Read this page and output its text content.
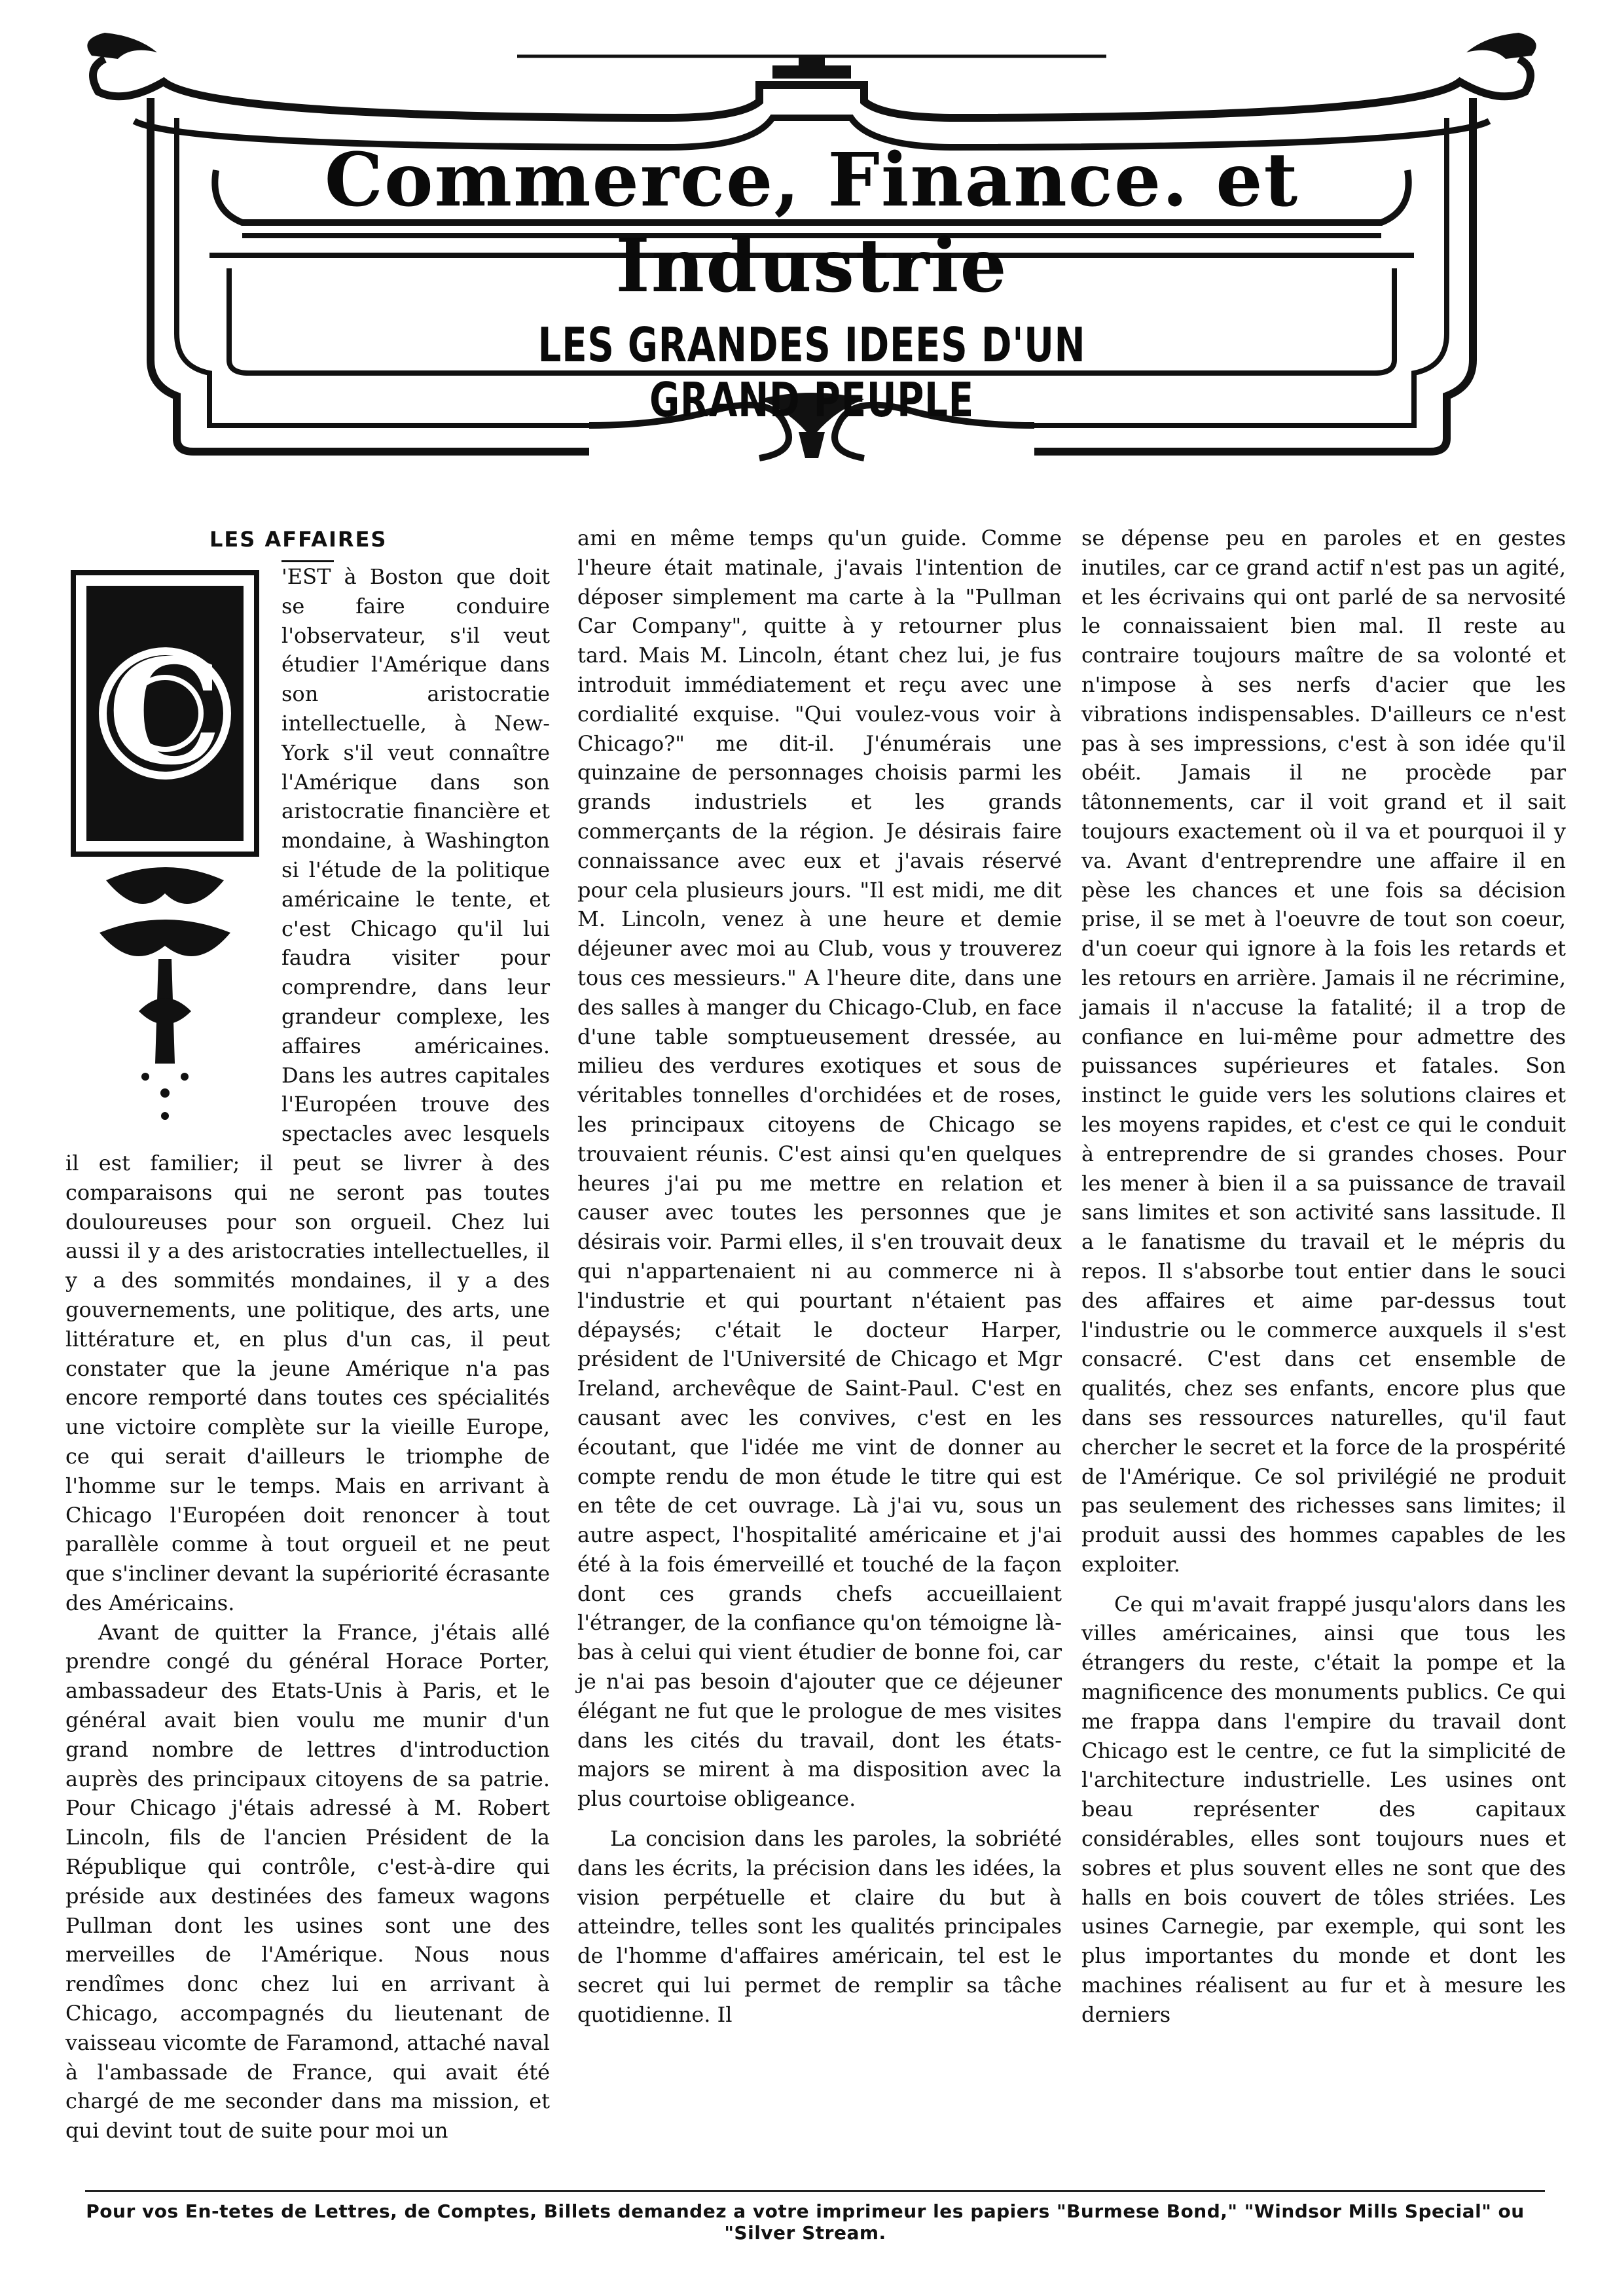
Commerce, Finance. et Industrie
LES GRANDES IDEES D'UN GRAND PEUPLE
LES AFFAIRES
C

'EST à Boston que doit se faire conduire l'observateur, s'il veut étudier l'Amérique dans son aristocratie intellectuelle, à New-York s'il veut connaître l'Amérique dans son aristocratie financière et mondaine, à Washington si l'étude de la politique américaine le tente, et c'est Chicago qu'il lui faudra visiter pour comprendre, dans leur grandeur complexe, les affaires américaines. Dans les autres capitales l'Européen trouve des spectacles avec lesquels il est familier; il peut se livrer à des comparaisons qui ne seront pas toutes douloureuses pour son orgueil. Chez lui aussi il y a des aristocraties intellectuelles, il y a des sommités mondaines, il y a des gouvernements, une politique, des arts, une littérature et, en plus d'un cas, il peut constater que la jeune Amérique n'a pas encore remporté dans toutes ces spécialités une victoire complète sur la vieille Europe, ce qui serait d'ailleurs le triomphe de l'homme sur le temps. Mais en arrivant à Chicago l'Européen doit renoncer à tout parallèle comme à tout orgueil et ne peut que s'incliner devant la supériorité écrasante des Américains.

Avant de quitter la France, j'étais allé prendre congé du général Horace Porter, ambassadeur des Etats-Unis à Paris, et le général avait bien voulu me munir d'un grand nombre de lettres d'introduction auprès des principaux citoyens de sa patrie. Pour Chicago j'étais adressé à M. Robert Lincoln, fils de l'ancien Président de la République qui contrôle, c'est-à-dire qui préside aux destinées des fameux wagons Pullman dont les usines sont une des merveilles de l'Amérique. Nous nous rendîmes donc chez lui en arrivant à Chicago, accompagnés du lieutenant de vaisseau vicomte de Faramond, attaché naval à l'ambassade de France, qui avait été chargé de me seconder dans ma mission, et qui devint tout de suite pour moi un

ami en même temps qu'un guide. Comme l'heure était matinale, j'avais l'intention de déposer simplement ma carte à la "Pullman Car Company", quitte à y retourner plus tard. Mais M. Lincoln, étant chez lui, je fus introduit immédiatement et reçu avec une cordialité exquise. "Qui voulez-vous voir à Chicago?" me dit-il. J'énumérais une quinzaine de personnages choisis parmi les grands industriels et les grands commerçants de la région. Je désirais faire connaissance avec eux et j'avais réservé pour cela plusieurs jours. "Il est midi, me dit M. Lincoln, venez à une heure et demie déjeuner avec moi au Club, vous y trouverez tous ces messieurs." A l'heure dite, dans une des salles à manger du Chicago-Club, en face d'une table somptueusement dressée, au milieu des verdures exotiques et sous de véritables tonnelles d'orchidées et de roses, les principaux citoyens de Chicago se trouvaient réunis. C'est ainsi qu'en quelques heures j'ai pu me mettre en relation et causer avec toutes les personnes que je désirais voir. Parmi elles, il s'en trouvait deux qui n'appartenaient ni au commerce ni à l'industrie et qui pourtant n'étaient pas dépaysés; c'était le docteur Harper, président de l'Université de Chicago et Mgr Ireland, archevêque de Saint-Paul. C'est en causant avec les convives, c'est en les écoutant, que l'idée me vint de donner au compte rendu de mon étude le titre qui est en tête de cet ouvrage. Là j'ai vu, sous un autre aspect, l'hospitalité américaine et j'ai été à la fois émerveillé et touché de la façon dont ces grands chefs accueillaient l'étranger, de la confiance qu'on témoigne là-bas à celui qui vient étudier de bonne foi, car je n'ai pas besoin d'ajouter que ce déjeuner élégant ne fut que le prologue de mes visites dans les cités du travail, dont les états-majors se mirent à ma disposition avec la plus courtoise obligeance.

La concision dans les paroles, la sobriété dans les écrits, la précision dans les idées, la vision perpétuelle et claire du but à atteindre, telles sont les qualités principales de l'homme d'affaires américain, tel est le secret qui lui permet de remplir sa tâche quotidienne. Il

se dépense peu en paroles et en gestes inutiles, car ce grand actif n'est pas un agité, et les écrivains qui ont parlé de sa nervosité le connaissaient bien mal. Il reste au contraire toujours maître de sa volonté et n'impose à ses nerfs d'acier que les vibrations indispensables. D'ailleurs ce n'est pas à ses impressions, c'est à son idée qu'il obéit. Jamais il ne procède par tâtonnements, car il voit grand et il sait toujours exactement où il va et pourquoi il y va. Avant d'entreprendre une affaire il en pèse les chances et une fois sa décision prise, il se met à l'oeuvre de tout son coeur, d'un coeur qui ignore à la fois les retards et les retours en arrière. Jamais il ne récrimine, jamais il n'accuse la fatalité; il a trop de confiance en lui-même pour admettre des puissances supérieures et fatales. Son instinct le guide vers les solutions claires et les moyens rapides, et c'est ce qui le conduit à entreprendre de si grandes choses. Pour les mener à bien il a sa puissance de travail sans limites et son activité sans lassitude. Il a le fanatisme du travail et le mépris du repos. Il s'absorbe tout entier dans le souci des affaires et aime par-dessus tout l'industrie ou le commerce auxquels il s'est consacré. C'est dans cet ensemble de qualités, chez ses enfants, encore plus que dans ses ressources naturelles, qu'il faut chercher le secret et la force de la prospérité de l'Amérique. Ce sol privilégié ne produit pas seulement des richesses sans limites; il produit aussi des hommes capables de les exploiter.

Ce qui m'avait frappé jusqu'alors dans les villes américaines, ainsi que tous les étrangers du reste, c'était la pompe et la magnificence des monuments publics. Ce qui me frappa dans l'empire du travail dont Chicago est le centre, ce fut la simplicité de l'architecture industrielle. Les usines ont beau représenter des capitaux considérables, elles sont toujours nues et sobres et plus souvent elles ne sont que des halls en bois couvert de tôles striées. Les usines Carnegie, par exemple, qui sont les plus importantes du monde et dont les machines réalisent au fur et à mesure les derniers

Pour vos En-tetes de Lettres, de Comptes, Billets demandez a votre imprimeur les papiers "Burmese Bond," "Windsor Mills Special" ou "Silver Stream.
